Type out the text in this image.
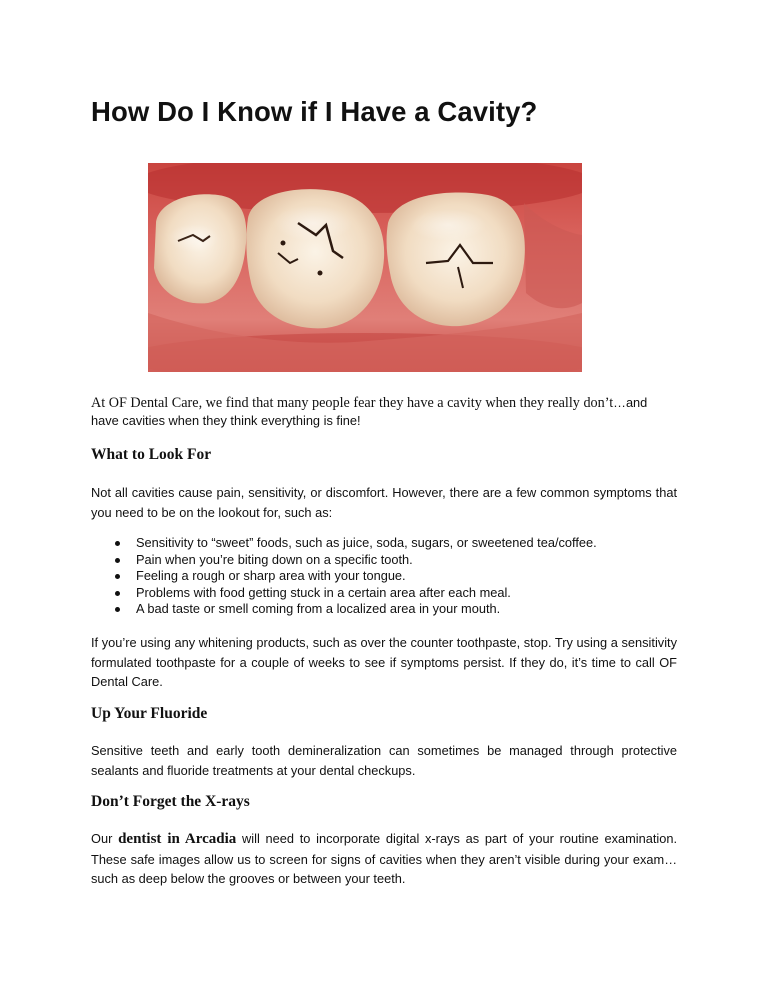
How Do I Know if I Have a Cavity?

At OF Dental Care, we find that many people fear they have a cavity when they really don’t…and
have cavities when they think everything is fine!

What to Look For

Not all cavities cause pain, sensitivity, or discomfort. However, there are a few common symptoms that you need to be on the lookout for, such as:

Sensitivity to “sweet” foods, such as juice, soda, sugars, or sweetened tea/coffee.
Pain when you’re biting down on a specific tooth.
Feeling a rough or sharp area with your tongue.
Problems with food getting stuck in a certain area after each meal.
A bad taste or smell coming from a localized area in your mouth.

If you’re using any whitening products, such as over the counter toothpaste, stop. Try using a sensitivity formulated toothpaste for a couple of weeks to see if symptoms persist. If they do, it’s time to call OF Dental Care.

Up Your Fluoride

Sensitive teeth and early tooth demineralization can sometimes be managed through protective sealants and fluoride treatments at your dental checkups.

Don’t Forget the X-rays

Our dentist in Arcadia will need to incorporate digital x-rays as part of your routine examination. These safe images allow us to screen for signs of cavities when they aren’t visible during your exam…such as deep below the grooves or between your teeth.
